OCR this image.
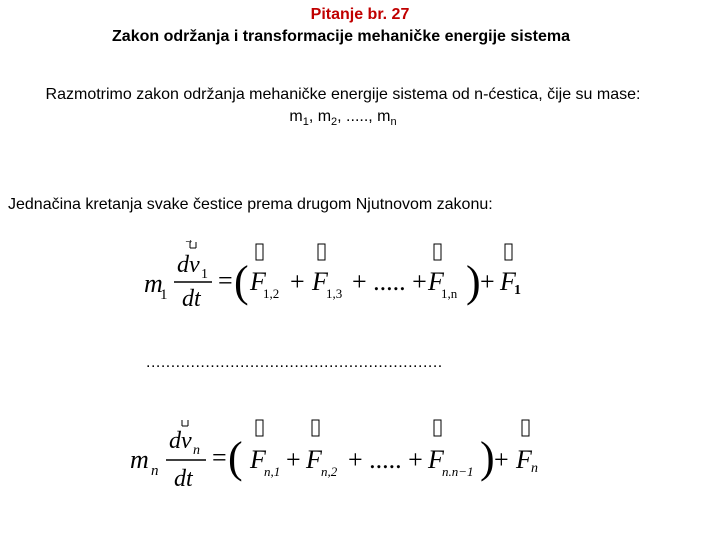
Pitanje br. 27
Zakon održanja i transformacije mehaničke energije sistema
Razmotrimo zakon održanja mehaničke energije sistema od n-ćestica, čije su mase:
$m_1$, $m_2$, ....., $m_n$
Jednačina kretanja svake čestice prema drugom Njutnovom zakonu:
m
1
dv 1
dt
= ( F
1,2 + F
1,3 + ..... + F
1,n ) + F
1
............................................................
m n
dv n
dt
= ( F
n,1 + F n,2 + ..... + F
n.n−1 ) + F n
